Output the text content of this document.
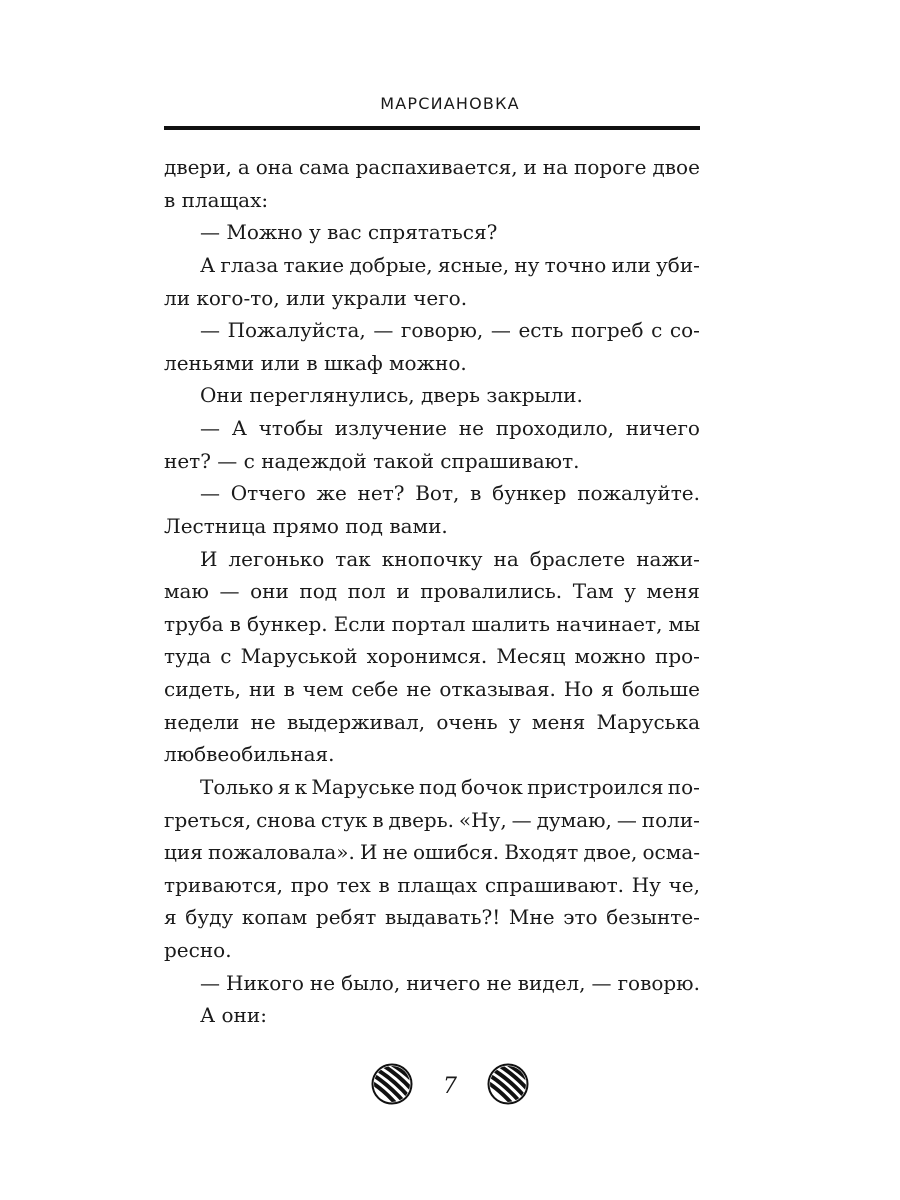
МАРСИАНОВКА
двери, а она сама распахивается, и на пороге двое
в плащах:
— Можно у вас спрятаться?
А глаза такие добрые, ясные, ну точно или уби-
ли кого-то, или украли чего.
— Пожалуйста, — говорю, — есть погреб с со-
леньями или в шкаф можно.
Они переглянулись, дверь закрыли.
— А чтобы излучение не проходило, ничего
нет? — с надеждой такой спрашивают.
— Отчего же нет? Вот, в бункер пожалуйте.
Лестница прямо под вами.
И легонько так кнопочку на браслете нажи-
маю — они под пол и провалились. Там у меня
труба в бункер. Если портал шалить начинает, мы
туда с Маруськой хоронимся. Месяц можно про-
сидеть, ни в чем себе не отказывая. Но я больше
недели не выдерживал, очень у меня Маруська
любвеобильная.
Только я к Маруське под бочок пристроился по-
греться, снова стук в дверь. «Ну, — думаю, — поли-
ция пожаловала». И не ошибся. Входят двое, осма-
триваются, про тех в плащах спрашивают. Ну че,
я буду копам ребят выдавать?! Мне это безынте-
ресно.
— Никого не было, ничего не видел, — говорю.
А они:
7
